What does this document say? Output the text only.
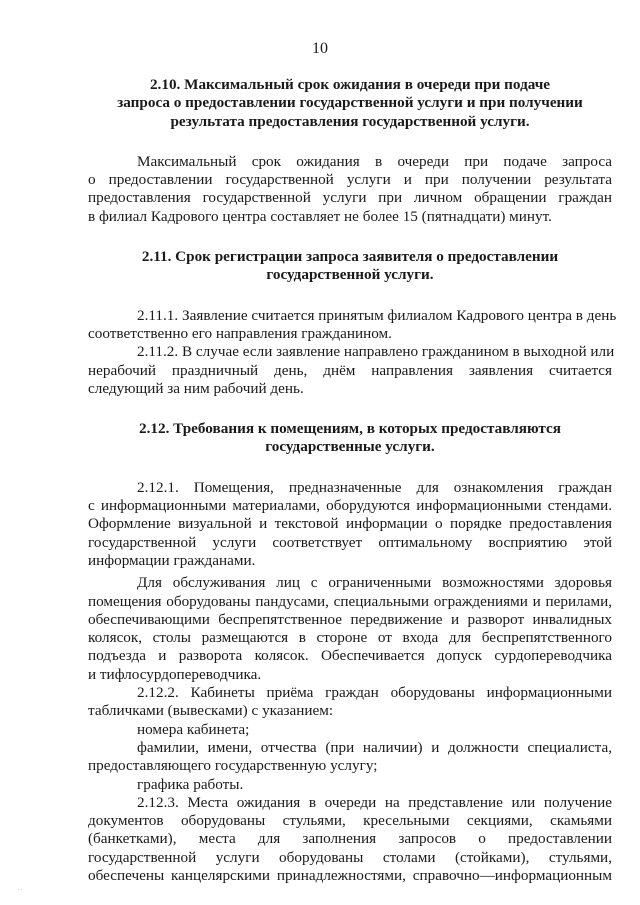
10
2.10. Максимальный срок ожидания в очереди при подаче
запроса о предоставлении государственной услуги и при получении
результата предоставления государственной услуги.
Максимальный срок ожидания в очереди при подаче запроса
о предоставлении государственной услуги и при получении результата
предоставления государственной услуги при личном обращении граждан
в филиал Кадрового центра составляет не более 15 (пятнадцати) минут.
2.11. Срок регистрации запроса заявителя о предоставлении
государственной услуги.
2.11.1. Заявление считается принятым филиалом Кадрового центра в день
соответственно его направления гражданином.
2.11.2. В случае если заявление направлено гражданином в выходной или
нерабочий праздничный день, днём направления заявления считается
следующий за ним рабочий день.
2.12. Требования к помещениям, в которых предоставляются
государственные услуги.
2.12.1. Помещения, предназначенные для ознакомления граждан
с информационными материалами, оборудуются информационными стендами.
Оформление визуальной и текстовой информации о порядке предоставления
государственной услуги соответствует оптимальному восприятию этой
информации гражданами.
Для обслуживания лиц с ограниченными возможностями здоровья
помещения оборудованы пандусами, специальными ограждениями и перилами,
обеспечивающими беспрепятственное передвижение и разворот инвалидных
колясок, столы размещаются в стороне от входа для беспрепятственного
подъезда и разворота колясок. Обеспечивается допуск сурдопереводчика
и тифлосурдопереводчика.
2.12.2. Кабинеты приёма граждан оборудованы информационными
табличками (вывесками) с указанием:
номера кабинета;
фамилии, имени, отчества (при наличии) и должности специалиста,
предоставляющего государственную услугу;
графика работы.
2.12.3. Места ожидания в очереди на представление или получение
документов оборудованы стульями, кресельными секциями, скамьями
(банкетками), места для заполнения запросов о предоставлении
государственной услуги оборудованы столами (стойками), стульями,
обеспечены канцелярскими принадлежностями, справочно—информационным
. .
